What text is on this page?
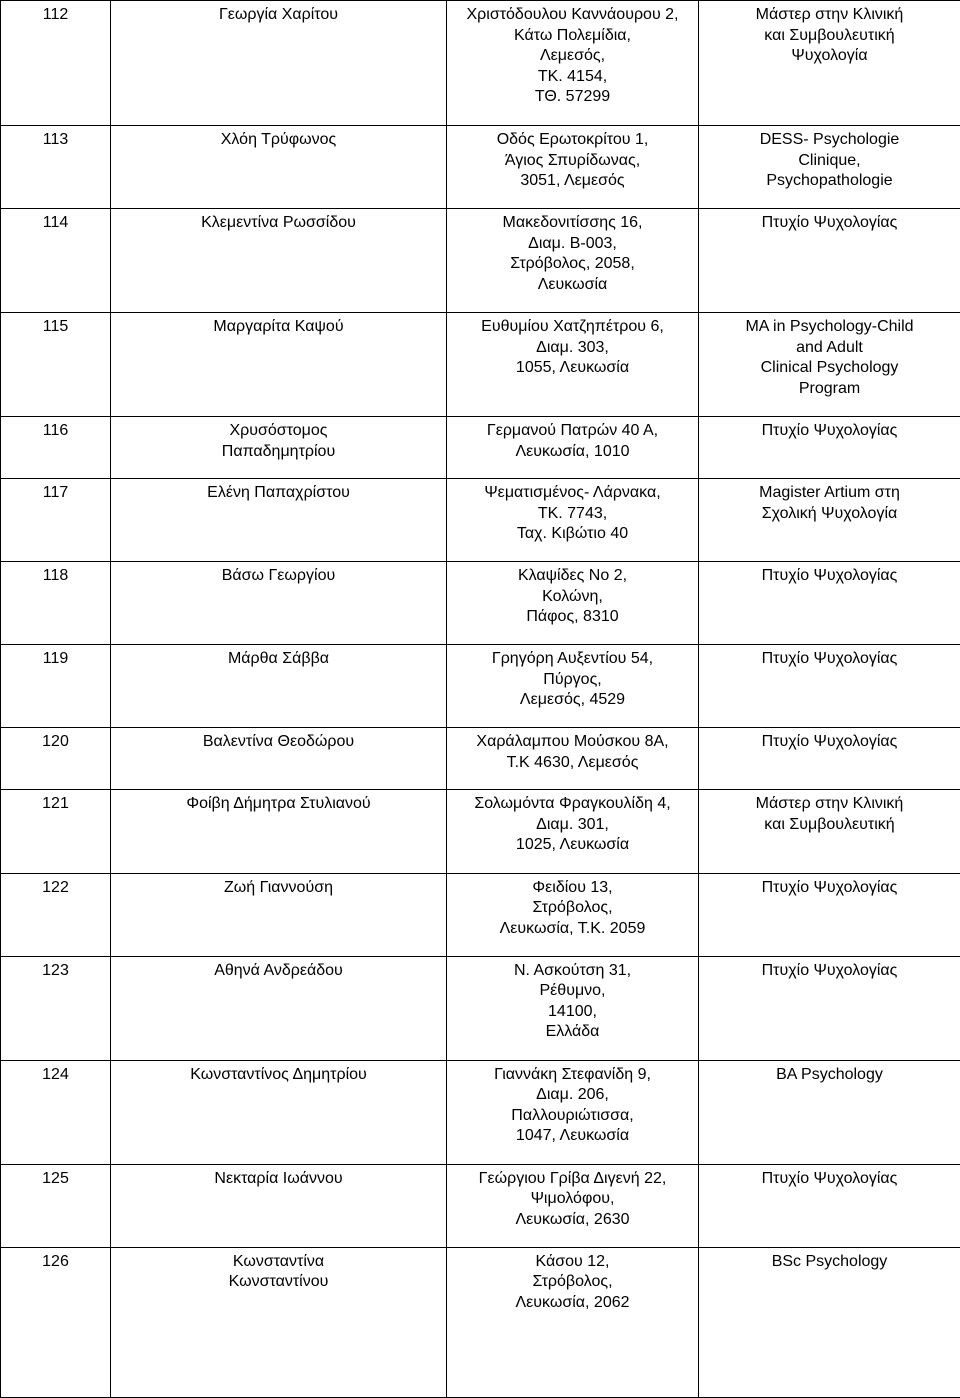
112	Γεωργία Χαρίτου	Χριστόδουλου Καννάουρου 2,
Κάτω Πολεμίδια,
Λεμεσός,
ΤΚ. 4154,
ΤΘ. 57299	Μάστερ στην Κλινική
και Συμβουλευτική
Ψυχολογία
113	Χλόη Τρύφωνος	Οδός Ερωτοκρίτου 1,
Άγιος Σπυρίδωνας,
3051, Λεμεσός	DESS- Psychologie
Clinique,
Psychopathologie
114	Κλεμεντίνα Ρωσσίδου	Μακεδονιτίσσης 16,
Διαμ. Β-003,
Στρόβολος, 2058,
Λευκωσία	Πτυχίο Ψυχολογίας
115	Μαργαρίτα Καψού	Ευθυμίου Χατζηπέτρου 6,
Διαμ. 303,
1055, Λευκωσία	MA in Psychology-Child
and Adult
Clinical Psychology
Program
116	Χρυσόστομος
Παπαδημητρίου	Γερμανού Πατρών 40 Α,
Λευκωσία, 1010	Πτυχίο Ψυχολογίας
117	Ελένη Παπαχρίστου	Ψεματισμένος- Λάρνακα,
ΤΚ. 7743,
Ταχ. Κιβώτιο 40	Magister Artium στη
Σχολική Ψυχολογία
118	Βάσω Γεωργίου	Κλαψίδες Νο 2,
Κολώνη,
Πάφος, 8310	Πτυχίο Ψυχολογίας
119	Μάρθα Σάββα	Γρηγόρη Αυξεντίου 54,
Πύργος,
Λεμεσός, 4529	Πτυχίο Ψυχολογίας
120	Βαλεντίνα Θεοδώρου	Χαράλαμπου Μούσκου 8Α,
Τ.Κ 4630, Λεμεσός	Πτυχίο Ψυχολογίας
121	Φοίβη Δήμητρα Στυλιανού	Σολωμόντα Φραγκουλίδη 4,
Διαμ. 301,
1025, Λευκωσία	Μάστερ στην Κλινική
και Συμβουλευτική
122	Ζωή Γιαννούση	Φειδίου 13,
Στρόβολος,
Λευκωσία, Τ.Κ. 2059	Πτυχίο Ψυχολογίας
123	Αθηνά Ανδρεάδου	Ν. Ασκούτση 31,
Ρέθυμνο,
14100,
Ελλάδα	Πτυχίο Ψυχολογίας
124	Κωνσταντίνος Δημητρίου	Γιαννάκη Στεφανίδη 9,
Διαμ. 206,
Παλλουριώτισσα,
1047, Λευκωσία	BA Psychology
125	Νεκταρία Ιωάννου	Γεώργιου Γρίβα Διγενή 22,
Ψιμολόφου,
Λευκωσία, 2630	Πτυχίο Ψυχολογίας
126	Κωνσταντίνα
Κωνσταντίνου	Κάσου 12,
Στρόβολος,
Λευκωσία, 2062	BSc Psychology
